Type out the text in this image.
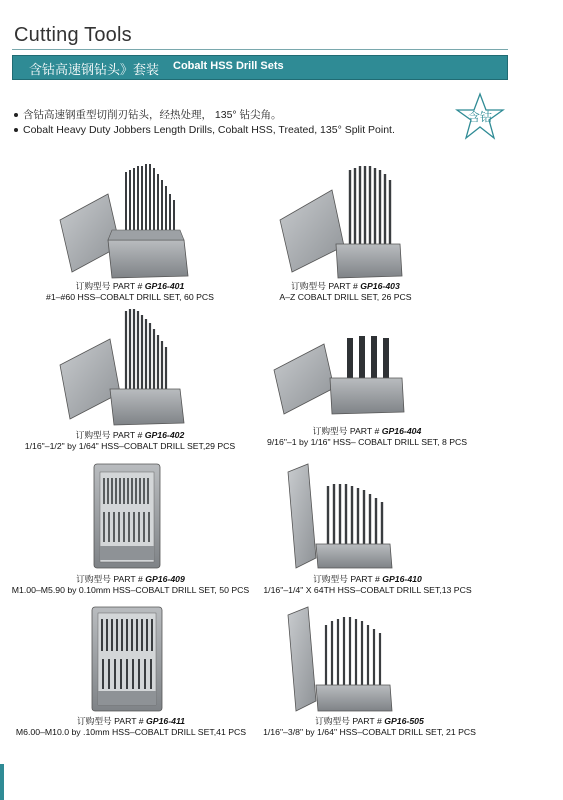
Cutting Tools
含钴高速钢钻头》套装 Cobalt HSS Drill Sets
含钴高速钢重型切削刃钻头，经热处理， 135° 钻尖角。
Cobalt Heavy Duty Jobbers Length Drills, Cobalt HSS, Treated, 135° Split Point.
含钴
订购型号 PART # GP16-401
#1–#60 HSS–COBALT DRILL SET, 60 PCS
订购型号 PART # GP16-403
A–Z COBALT DRILL SET, 26 PCS
订购型号 PART # GP16-402
1/16"–1/2" by 1/64" HSS–COBALT DRILL SET,29 PCS
订购型号 PART # GP16-404
9/16"–1 by 1/16" HSS– COBALT DRILL SET, 8 PCS
订购型号 PART # GP16-409
M1.00–M5.90 by 0.10mm HSS–COBALT DRILL SET, 50 PCS
订购型号 PART # GP16-410
1/16"–1/4" X 64TH HSS–COBALT DRILL SET,13 PCS
订购型号 PART # GP16-411
M6.00–M10.0 by .10mm HSS–COBALT DRILL SET,41 PCS
订购型号 PART # GP16-505
1/16"–3/8" by 1/64" HSS–COBALT DRILL SET, 21 PCS
